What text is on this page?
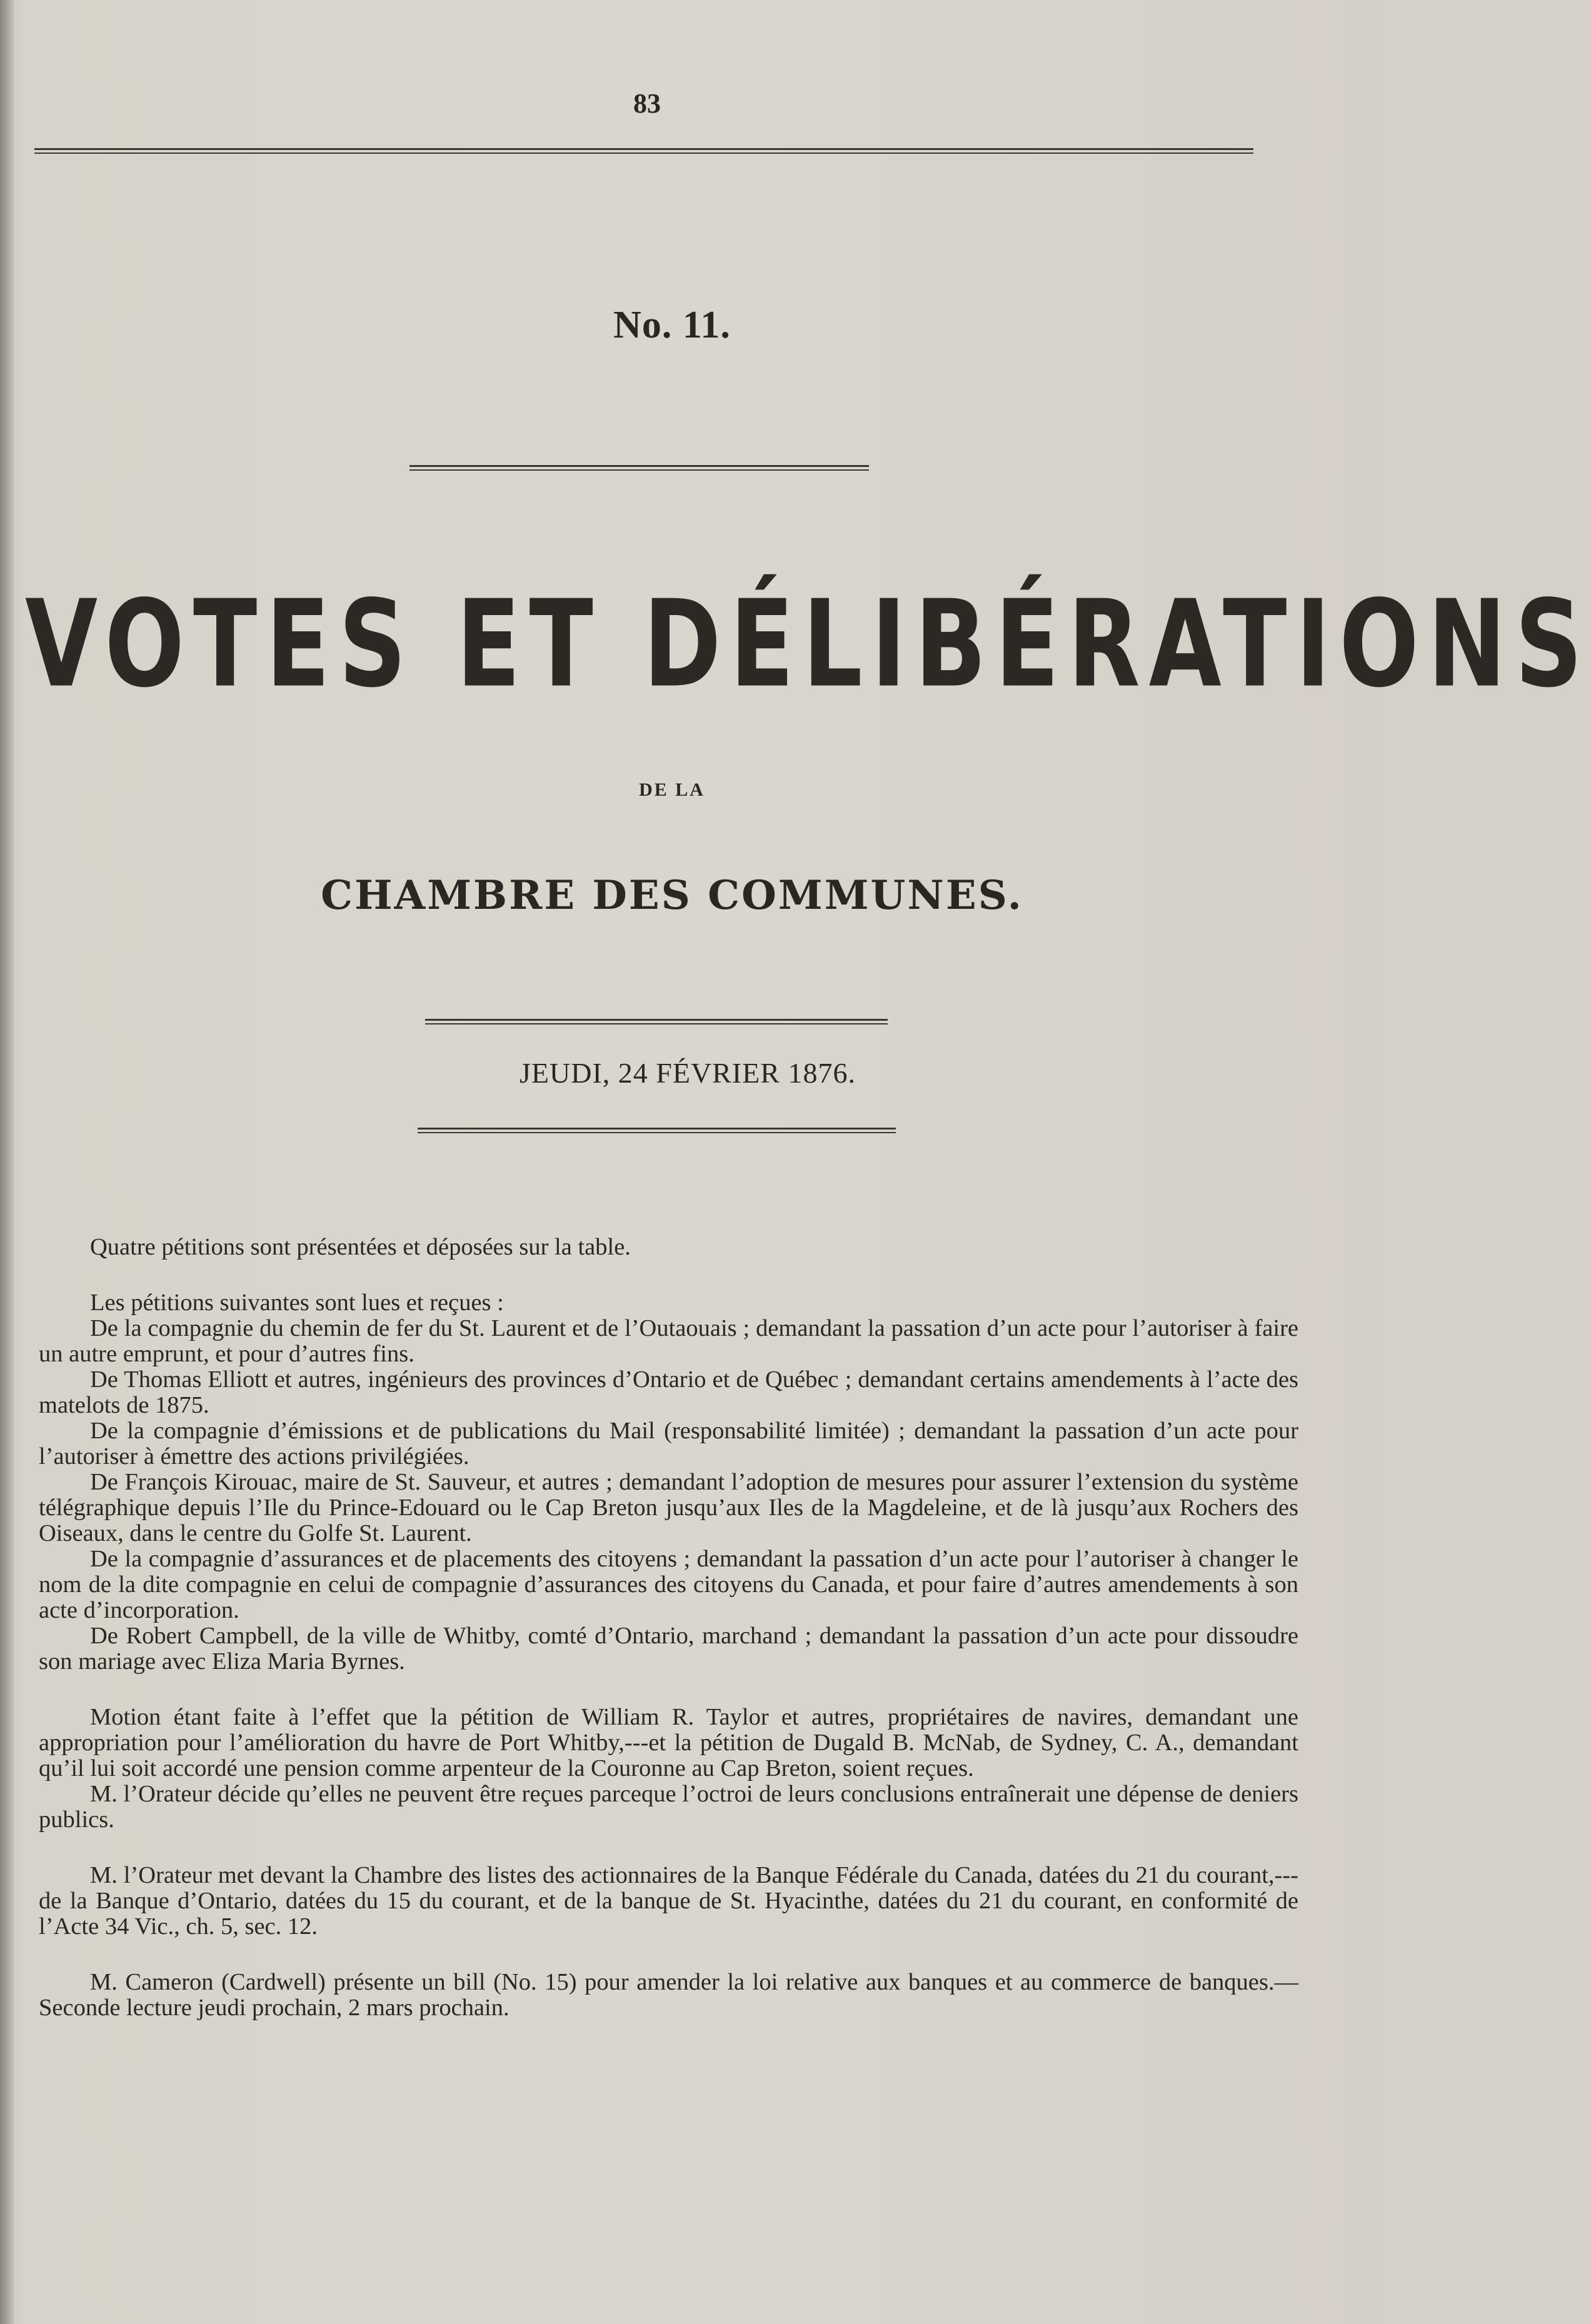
83
No. 11.
VOTES ET DÉLIBÉRATIONS
DE LA
CHAMBRE DES COMMUNES.
JEUDI, 24 FÉVRIER 1876.

Quatre pétitions sont présentées et déposées sur la table.

Les pétitions suivantes sont lues et reçues :

De la compagnie du chemin de fer du St. Laurent et de l’Outaouais ; demandant la passation d’un acte pour l’autoriser à faire un autre emprunt, et pour d’autres fins.

De Thomas Elliott et autres, ingénieurs des provinces d’Ontario et de Québec ; demandant certains amendements à l’acte des matelots de 1875.

De la compagnie d’émissions et de publications du Mail (responsabilité limitée) ; demandant la passation d’un acte pour l’autoriser à émettre des actions privilégiées.

De François Kirouac, maire de St. Sauveur, et autres ; demandant l’adoption de mesures pour assurer l’extension du système télégraphique depuis l’Ile du Prince-Edouard ou le Cap Breton jusqu’aux Iles de la Magdeleine, et de là jusqu’aux Rochers des Oiseaux, dans le centre du Golfe St. Laurent.

De la compagnie d’assurances et de placements des citoyens ; demandant la passation d’un acte pour l’autoriser à changer le nom de la dite compagnie en celui de compagnie d’assurances des citoyens du Canada, et pour faire d’autres amendements à son acte d’incorporation.

De Robert Campbell, de la ville de Whitby, comté d’Ontario, marchand ; demandant la passation d’un acte pour dissoudre son mariage avec Eliza Maria Byrnes.

Motion étant faite à l’effet que la pétition de William R. Taylor et autres, propriétaires de navires, demandant une appropriation pour l’amélioration du havre de Port Whitby,---et la pétition de Dugald B. McNab, de Sydney, C. A., demandant qu’il lui soit accordé une pension comme arpenteur de la Couronne au Cap Breton, soient reçues.

M. l’Orateur décide qu’elles ne peuvent être reçues parceque l’octroi de leurs conclusions entraînerait une dépense de deniers publics.

M. l’Orateur met devant la Chambre des listes des actionnaires de la Banque Fédérale du Canada, datées du 21 du courant,---de la Banque d’Ontario, datées du 15 du courant, et de la banque de St. Hyacinthe, datées du 21 du courant, en conformité de l’Acte 34 Vic., ch. 5, sec. 12.

M. Cameron (Cardwell) présente un bill (No. 15) pour amender la loi relative aux banques et au commerce de banques.—Seconde lecture jeudi prochain, 2 mars prochain.
